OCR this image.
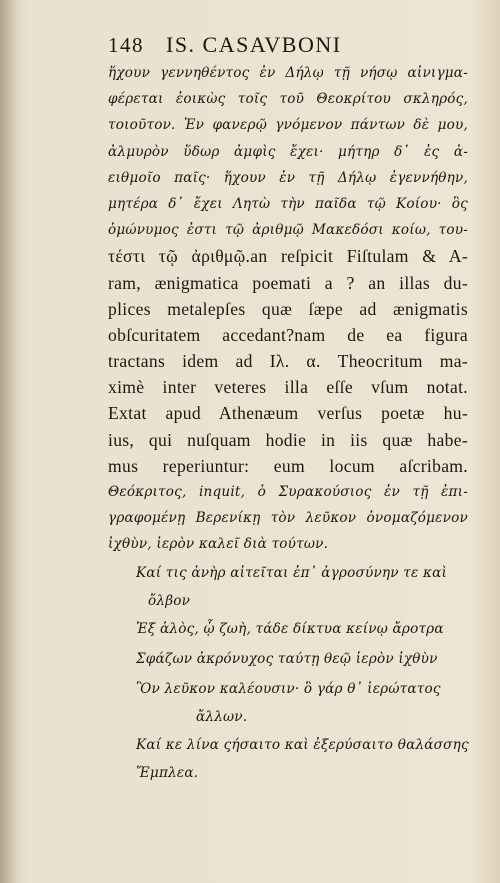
148 IS. CASAVBONI
ἥχουν γεννηθέντος ἐν Δήλῳ τῇ νήσῳ αἰνιγμα-
φέρεται ἐοικὼς τοῖς τοῦ Θεοκρίτου σκληρός,
τοιοῦτον. Ἐν φανερῷ γνόμενον πάντων δὲ μου,
ἀλμυρὸν ὕδωρ ἀμφὶς ἔχει· μήτηρ δ᾽ ἐς ἀ-
ειθμοῖο παῖς· ἥχουν ἐν τῇ Δήλῳ ἐγεννήθην,
μητέρα δ᾽ ἔχει Λητὼ τὴν παῖδα τῷ Κοίου· ὃς
ὁμώνυμος ἐστι τῷ ἀριθμῷ Μακεδόσι κοίω, του-
τέστι τῷ ἀριθμῷ.an reſpicit Fiſtulam & A-
ram, ænigmatica poemati a ? an illas du-
plices metalepſes quæ ſæpe ad ænigmatis
obſcuritatem accedant?nam de ea figura
tractans idem ad Ιλ. α. Theocritum ma-
ximè inter veteres illa eſſe vſum notat.
Extat apud Athenæum verſus poetæ hu-
ius, qui nuſquam hodie in iis quæ habe-
mus reperiuntur: eum locum aſcribam.
Θεόκριτος, inquit, ὁ Συρακούσιος ἐν τῇ ἐπι-
γραφομένῃ Βερενίκῃ τὸν λεῦκον ὀνομαζόμενον
ἰχθὺν, ἱερὸν καλεῖ διὰ τούτων.
Καί τις ἀνὴρ αἰτεῖται ἐπ᾽ ἀγροσύνην τε καὶ
ὄλβον
Ἐξ ἁλὸς, ᾧ ζωὴ, τάδε δίκτυα κείνῳ ἄροτρα
Σφάζων ἀκρόνυχος ταύτῃ θεῷ ἱερὸν ἰχθὺν
Ὃν λεῦκον καλέουσιν· ὃ γάρ θ᾽ ἱερώτατος
ἄλλων.
Καί κε λίνα ςήσαιτο καὶ ἐξερύσαιτο θαλάσσης
Ἔμπλεα.
